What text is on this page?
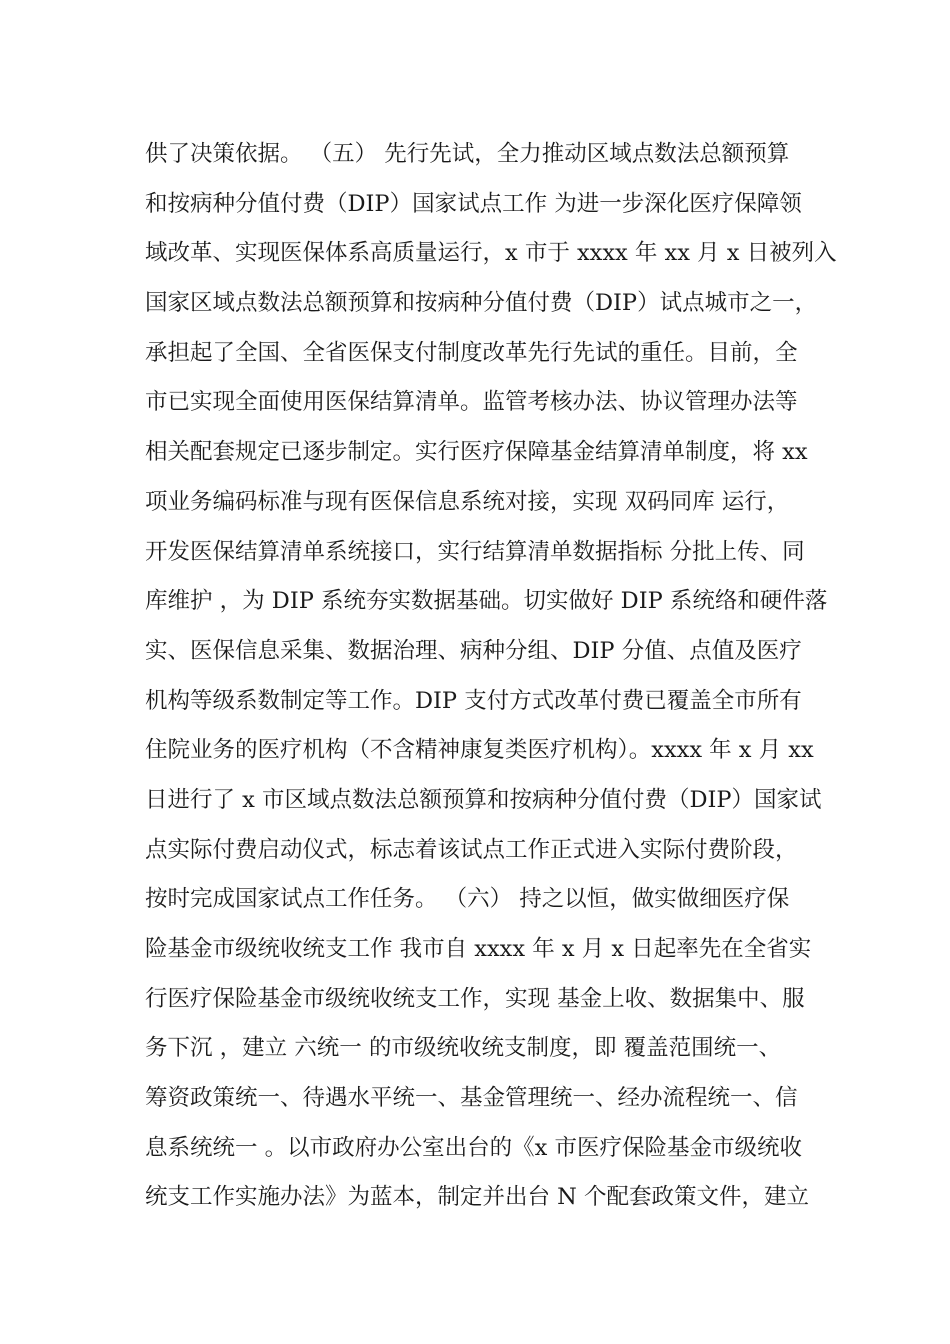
供了决策依据。 （五） 先行先试，全力推动区域点数法总额预算
和按病种分值付费（DIP）国家试点工作 为进一步深化医疗保障领
域改革、实现医保体系高质量运行，x 市于 xxxx 年 xx 月 x 日被列入
国家区域点数法总额预算和按病种分值付费（DIP）试点城市之一，
承担起了全国、全省医保支付制度改革先行先试的重任。目前，全
市已实现全面使用医保结算清单。监管考核办法、协议管理办法等
相关配套规定已逐步制定。实行医疗保障基金结算清单制度，将 xx
项业务编码标准与现有医保信息系统对接，实现 双码同库 运行，
开发医保结算清单系统接口，实行结算清单数据指标 分批上传、同
库维护 ，为 DIP 系统夯实数据基础。切实做好 DIP 系统络和硬件落
实、医保信息采集、数据治理、病种分组、DIP 分值、点值及医疗
机构等级系数制定等工作。DIP 支付方式改革付费已覆盖全市所有
住院业务的医疗机构（不含精神康复类医疗机构）。xxxx 年 x 月 xx
日进行了 x 市区域点数法总额预算和按病种分值付费（DIP）国家试
点实际付费启动仪式，标志着该试点工作正式进入实际付费阶段，
按时完成国家试点工作任务。 （六） 持之以恒，做实做细医疗保
险基金市级统收统支工作 我市自 xxxx 年 x 月 x 日起率先在全省实
行医疗保险基金市级统收统支工作，实现 基金上收、数据集中、服
务下沉 ，建立 六统一 的市级统收统支制度，即 覆盖范围统一、
筹资政策统一、待遇水平统一、基金管理统一、经办流程统一、信
息系统统一 。以市政府办公室出台的《x 市医疗保险基金市级统收
统支工作实施办法》为蓝本，制定并出台 N 个配套政策文件，建立
